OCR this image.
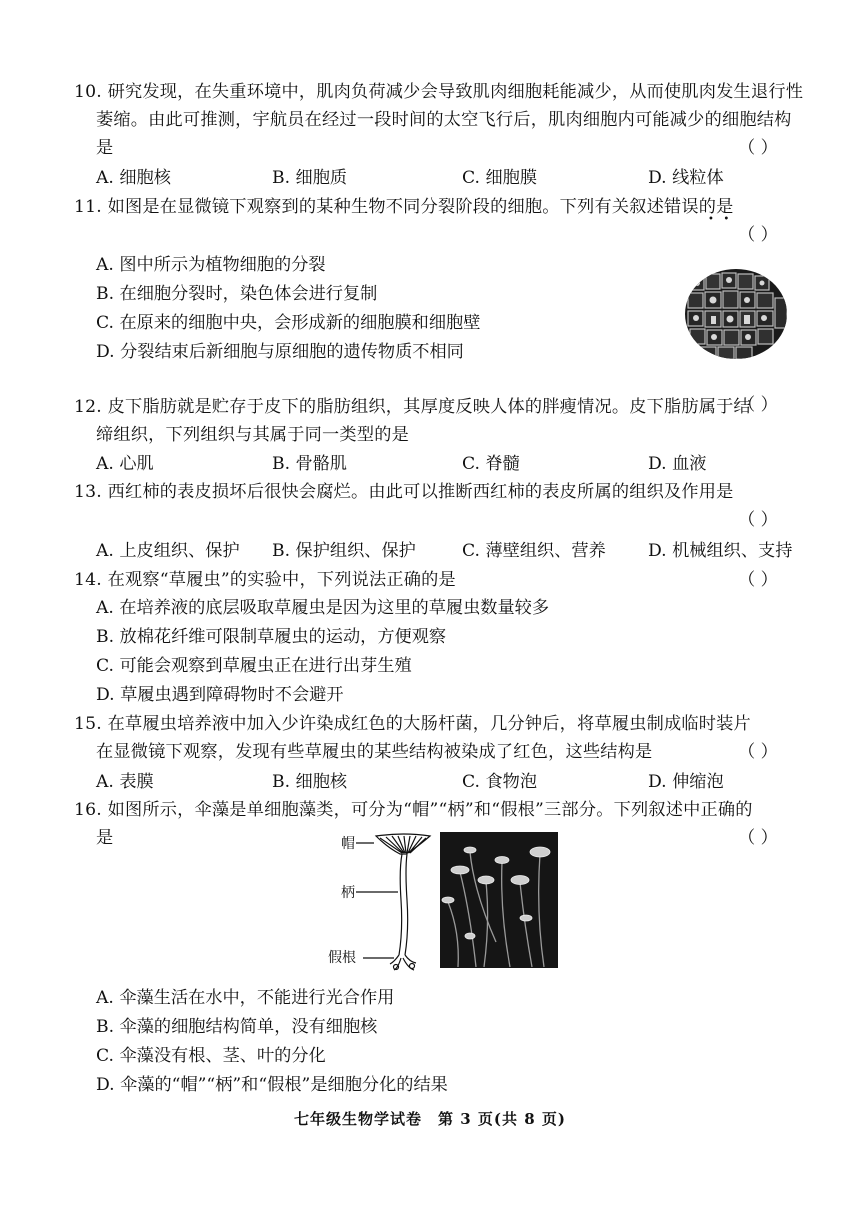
10. 研究发现，在失重环境中，肌肉负荷减少会导致肌肉细胞耗能减少，从而使肌肉发生退行性
萎缩。由此可推测，宇航员在经过一段时间的太空飞行后，肌肉细胞内可能减少的细胞结构
是	（ ）
A. 细胞核	B. 细胞质	C. 细胞膜	D. 线粒体
11. 如图是在显微镜下观察到的某种生物不同分裂阶段的细胞。下列有关叙述错误的是
•   •
（ ）
A. 图中所示为植物细胞的分裂
B. 在细胞分裂时，染色体会进行复制
C. 在原来的细胞中央，会形成新的细胞膜和细胞壁
D. 分裂结束后新细胞与原细胞的遗传物质不相同
12. 皮下脂肪就是贮存于皮下的脂肪组织，其厚度反映人体的胖瘦情况。皮下脂肪属于结
缔组织，下列组织与其属于同一类型的是
（ ）
A. 心肌	B. 骨骼肌	C. 脊髓	D. 血液
13. 西红柿的表皮损坏后很快会腐烂。由此可以推断西红柿的表皮所属的组织及作用是
（ ）
A. 上皮组织、保护 B. 保护组织、保护	C. 薄壁组织、营养 D. 机械组织、支持
14. 在观察“草履虫”的实验中，下列说法正确的是	（ ）
A. 在培养液的底层吸取草履虫是因为这里的草履虫数量较多
B. 放棉花纤维可限制草履虫的运动，方便观察
C. 可能会观察到草履虫正在进行出芽生殖
D. 草履虫遇到障碍物时不会避开
15. 在草履虫培养液中加入少许染成红色的大肠杆菌，几分钟后，将草履虫制成临时装片
在显微镜下观察，发现有些草履虫的某些结构被染成了红色，这些结构是	（ ）
A. 表膜	B. 细胞核	C. 食物泡	D. 伸缩泡
16. 如图所示，伞藻是单细胞藻类，可分为“帽”“柄”和“假根”三部分。下列叙述中正确的
是	（ ）
帽
柄
假根
A. 伞藻生活在水中，不能进行光合作用
B. 伞藻的细胞结构简单，没有细胞核
C. 伞藻没有根、茎、叶的分化
D. 伞藻的“帽”“柄”和“假根”是细胞分化的结果
七年级生物学试卷　第 3 页(共 8 页)
